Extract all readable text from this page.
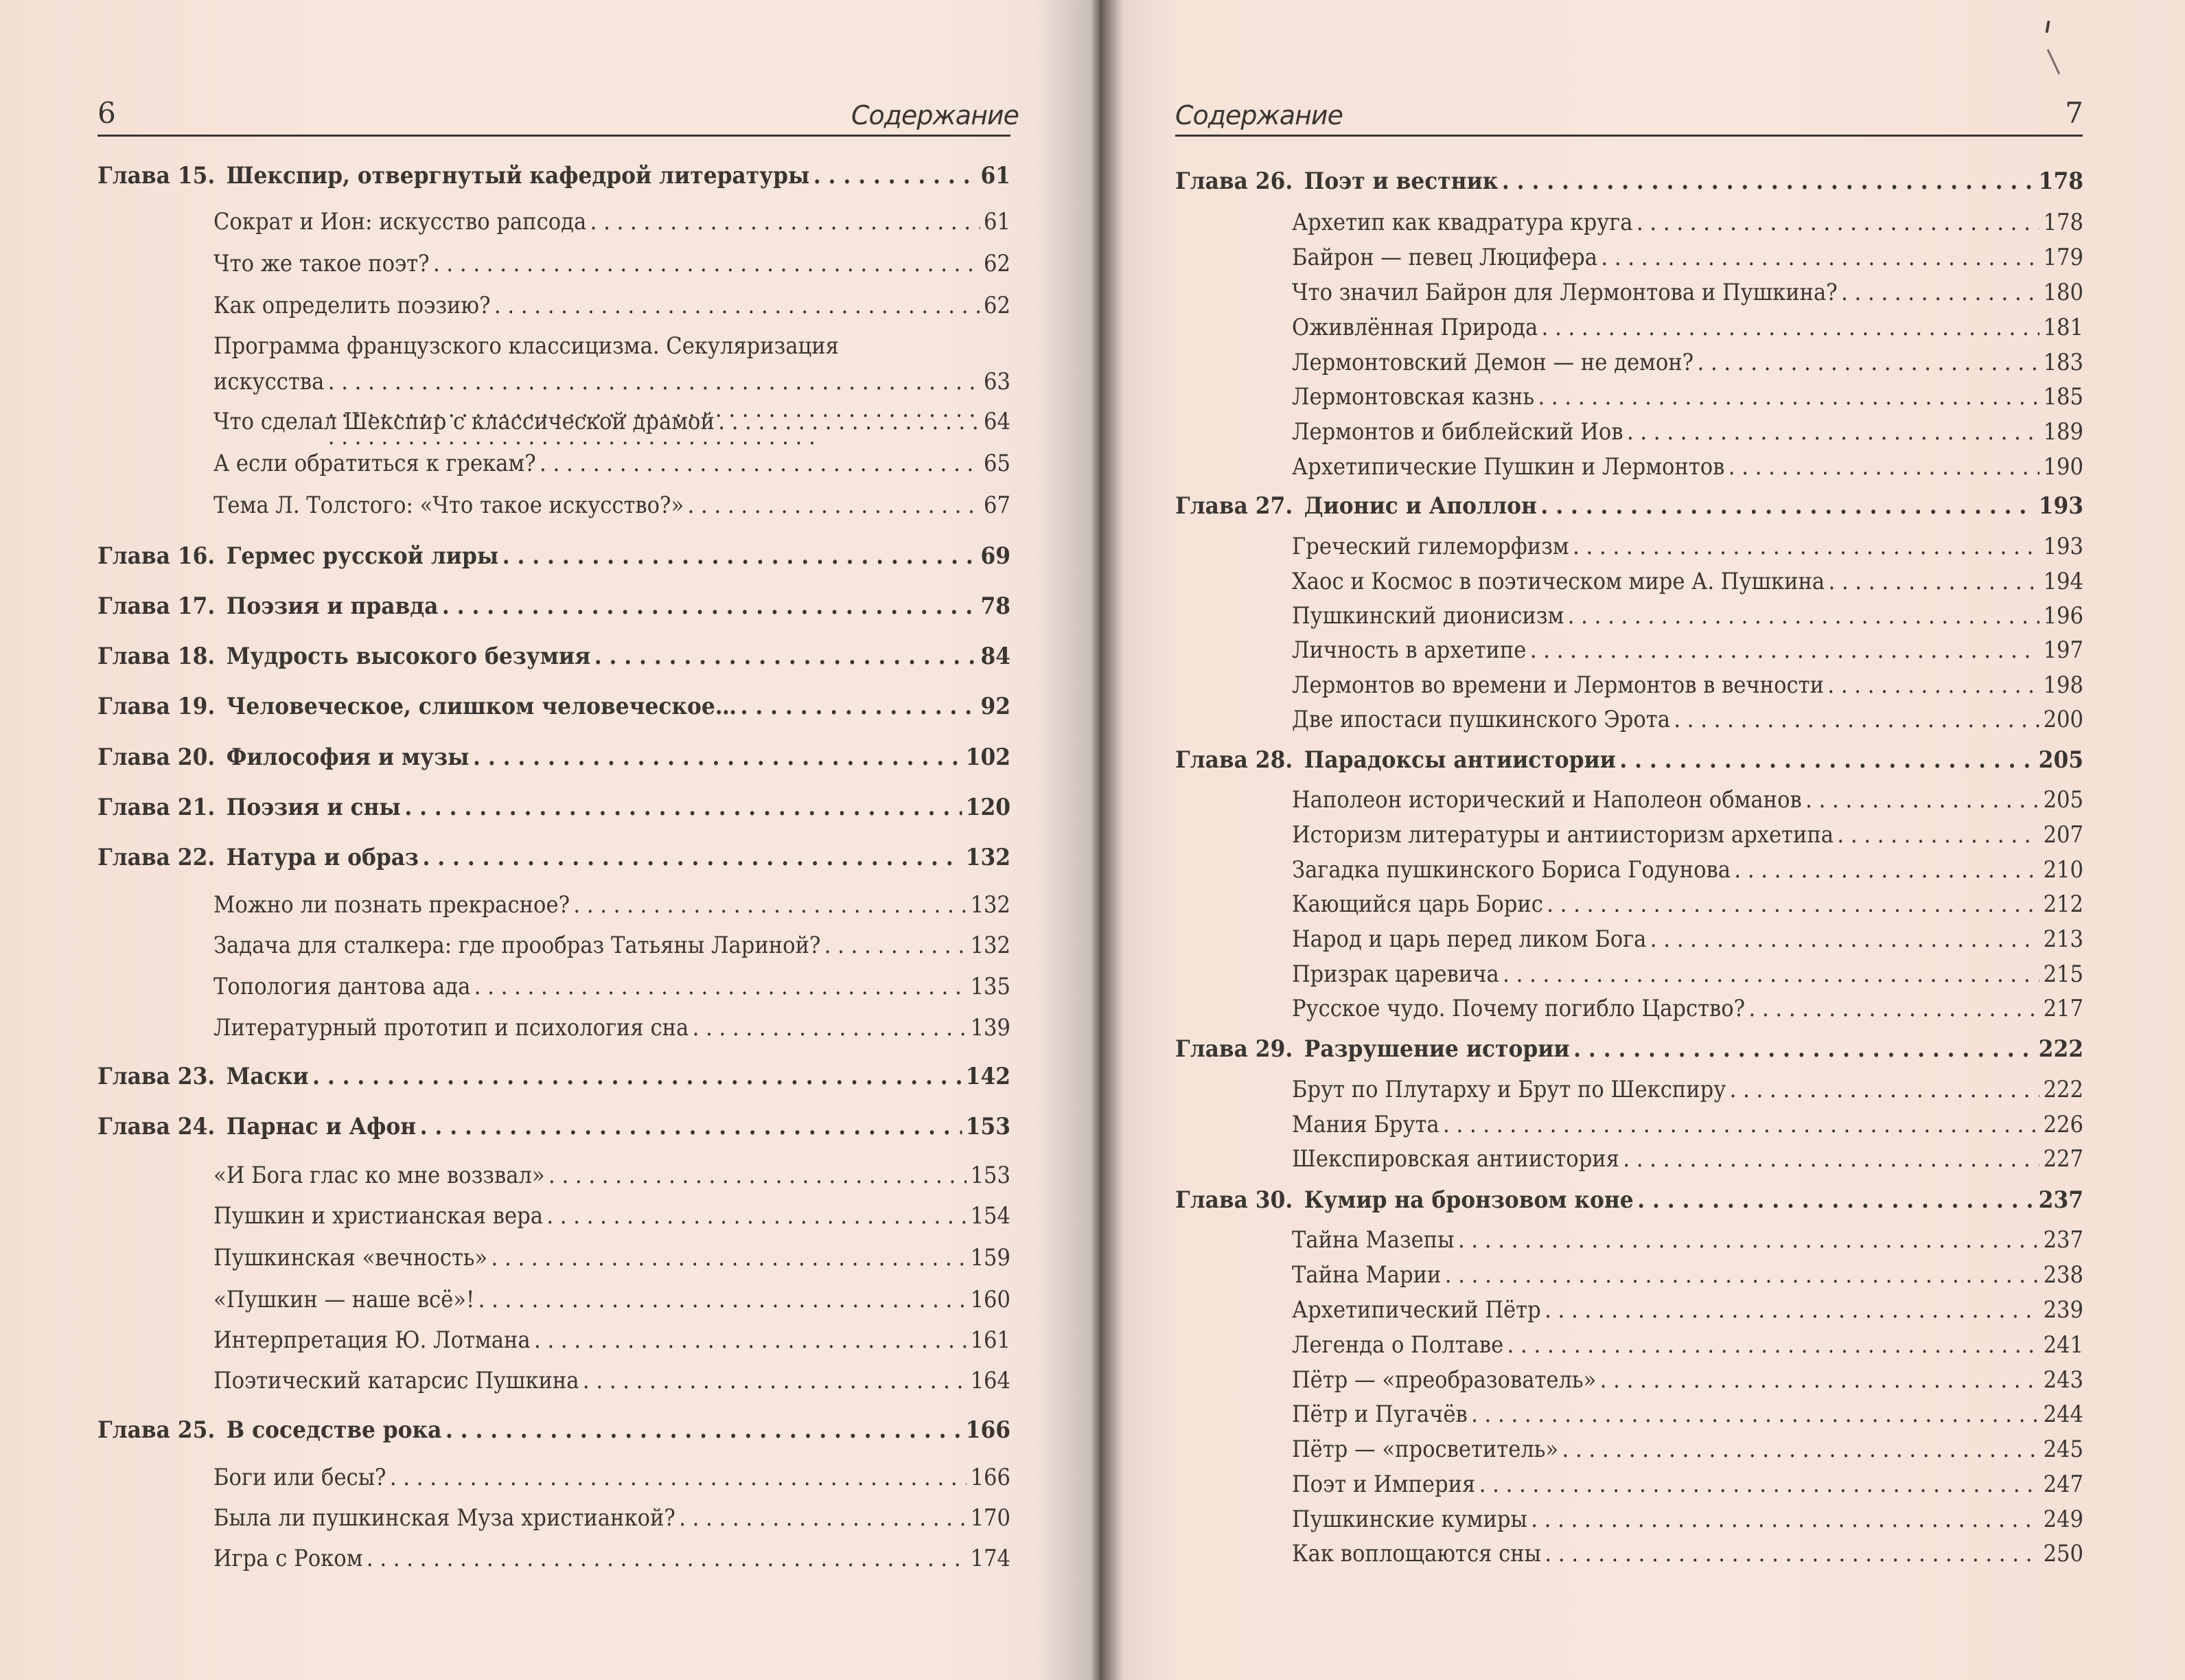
6	Содержание
Глава 15. Шекспир, отвергнутый кафедрой литературы . . .	61
Сократ и Ион: искусство рапсода . . .	61
Что же такое поэт? . . .	62
Как определить поэзию? . . .	62
Программа французского классицизма. Секуляризация
искусства . . .	63
Что сделал Шекспир с классической драмой . . .	64
А если обратиться к грекам? . . .	65
Тема Л. Толстого: «Что такое искусство?» . . .	67
Глава 16. Гермес русской лиры . . .	69
Глава 17. Поэзия и правда . . .	78
Глава 18. Мудрость высокого безумия . . .	84
Глава 19. Человеческое, слишком человеческое… . . .	92
Глава 20. Философия и музы . . .	102
Глава 21. Поэзия и сны . . .	120
Глава 22. Натура и образ . . .	132
Можно ли познать прекрасное? . . .	132
Задача для сталкера: где прообраз Татьяны Лариной? . . .	132
Топология дантова ада . . .	135
Литературный прототип и психология сна . . .	139
Глава 23. Маски . . .	142
Глава 24. Парнас и Афон . . .	153
«И Бога глас ко мне воззвал» . . .	153
Пушкин и христианская вера . . .	154
Пушкинская «вечность» . . .	159
«Пушкин — наше всё»! . . .	160
Интерпретация Ю. Лотмана . . .	161
Поэтический катарсис Пушкина . . .	164
Глава 25. В соседстве рока . . .	166
Боги или бесы? . . .	166
Была ли пушкинская Муза христианкой? . . .	170
Игра с Роком . . .	174
Содержание	7
Глава 26. Поэт и вестник . . .	178
Архетип как квадратура круга . . .	178
Байрон — певец Люцифера . . .	179
Что значил Байрон для Лермонтова и Пушкина? . . .	180
Оживлённая Природа . . .	181
Лермонтовский Демон — не демон? . . .	183
Лермонтовская казнь . . .	185
Лермонтов и библейский Иов . . .	189
Архетипические Пушкин и Лермонтов . . .	190
Глава 27. Дионис и Аполлон . . .	193
Греческий гилеморфизм . . .	193
Хаос и Космос в поэтическом мире А. Пушкина . . .	194
Пушкинский дионисизм . . .	196
Личность в архетипе . . .	197
Лермонтов во времени и Лермонтов в вечности . . .	198
Две ипостаси пушкинского Эрота . . .	200
Глава 28. Парадоксы антиистории . . .	205
Наполеон исторический и Наполеон обманов . . .	205
Историзм литературы и антиисторизм архетипа . . .	207
Загадка пушкинского Бориса Годунова . . .	210
Кающийся царь Борис . . .	212
Народ и царь перед ликом Бога . . .	213
Призрак царевича . . .	215
Русское чудо. Почему погибло Царство? . . .	217
Глава 29. Разрушение истории . . .	222
Брут по Плутарху и Брут по Шекспиру . . .	222
Мания Брута . . .	226
Шекспировская антиистория . . .	227
Глава 30. Кумир на бронзовом коне . . .	237
Тайна Мазепы . . .	237
Тайна Марии . . .	238
Архетипический Пётр . . .	239
Легенда о Полтаве . . .	241
Пётр — «преобразователь» . . .	243
Пётр и Пугачёв . . .	244
Пётр — «просветитель» . . .	245
Поэт и Империя . . .	247
Пушкинские кумиры . . .	249
Как воплощаются сны . . .	250
